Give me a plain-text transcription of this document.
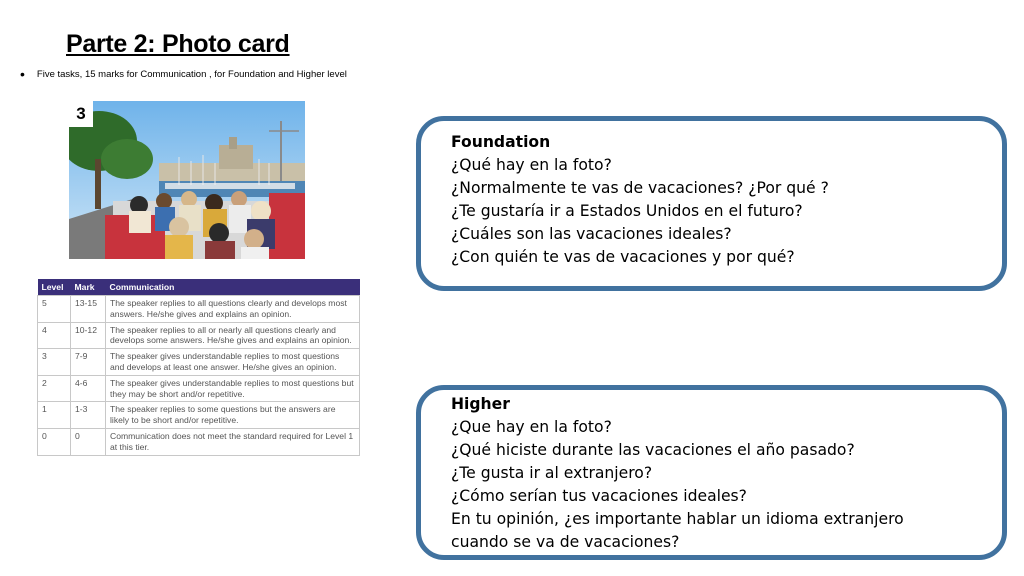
Parte 2: Photo card
• Five tasks, 15 marks for Communication , for Foundation and Higher level
3
Level	Mark	Communication
5	13-15	The speaker replies to all questions clearly and develops most answers. He/she gives and explains an opinion.
4	10-12	The speaker replies to all or nearly all questions clearly and develops some answers. He/she gives and explains an opinion.
3	7-9	The speaker gives understandable replies to most questions and develops at least one answer. He/she gives an opinion.
2	4-6	The speaker gives understandable replies to most questions but they may be short and/or repetitive.
1	1-3	The speaker replies to some questions but the answers are likely to be short and/or repetitive.
0	0	Communication does not meet the standard required for Level 1 at this tier.
Foundation
¿Qué hay en la foto?
¿Normalmente te vas de vacaciones? ¿Por qué ?
¿Te gustaría ir a Estados Unidos en el futuro?
¿Cuáles son las vacaciones ideales?
¿Con quién te vas de vacaciones y por qué?
Higher
¿Que hay en la foto?
¿Qué hiciste durante las vacaciones el año pasado?
¿Te gusta ir al extranjero?
¿Cómo serían tus vacaciones ideales?
En tu opinión, ¿es importante hablar un idioma extranjero
cuando se va de vacaciones?
